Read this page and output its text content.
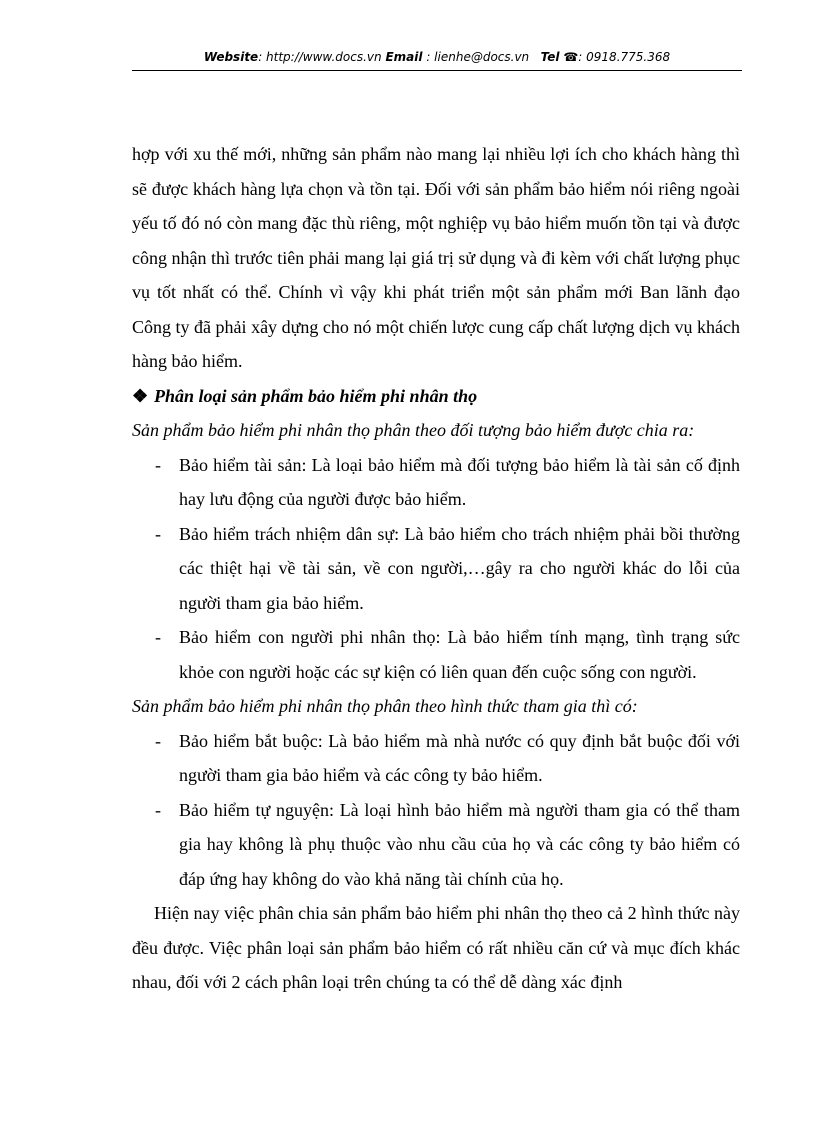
Website: http://www.docs.vn Email : lienhe@docs.vn Tel ☎: 0918.775.368

hợp với xu thế mới, những sản phẩm nào mang lại nhiều lợi ích cho khách hàng thì sẽ được khách hàng lựa chọn và tồn tại. Đối với sản phẩm bảo hiểm nói riêng ngoài yếu tố đó nó còn mang đặc thù riêng, một nghiệp vụ bảo hiểm muốn tồn tại và được công nhận thì trước tiên phải mang lại giá trị sử dụng và đi kèm với chất lượng phục vụ tốt nhất có thể. Chính vì vậy khi phát triển một sản phẩm mới Ban lãnh đạo Công ty đã phải xây dựng cho nó một chiến lược cung cấp chất lượng dịch vụ khách hàng bảo hiểm.

❖ Phân loại sản phẩm bảo hiểm phi nhân thọ

Sản phẩm bảo hiểm phi nhân thọ phân theo đối tượng bảo hiểm được chia ra:

- Bảo hiểm tài sản: Là loại bảo hiểm mà đối tượng bảo hiểm là tài sản cố định hay lưu động của người được bảo hiểm.

- Bảo hiểm trách nhiệm dân sự: Là bảo hiểm cho trách nhiệm phải bồi thường các thiệt hại về tài sản, về con người,…gây ra cho người khác do lỗi của người tham gia bảo hiểm.

- Bảo hiểm con người phi nhân thọ: Là bảo hiểm tính mạng, tình trạng sức khỏe con người hoặc các sự kiện có liên quan đến cuộc sống con người.

Sản phẩm bảo hiểm phi nhân thọ phân theo hình thức tham gia thì có:

- Bảo hiểm bắt buộc: Là bảo hiểm mà nhà nước có quy định bắt buộc đối với người tham gia bảo hiểm và các công ty bảo hiểm.

- Bảo hiểm tự nguyện: Là loại hình bảo hiểm mà người tham gia có thể tham gia hay không là phụ thuộc vào nhu cầu của họ và các công ty bảo hiểm có đáp ứng hay không do vào khả năng tài chính của họ.

Hiện nay việc phân chia sản phẩm bảo hiểm phi nhân thọ theo cả 2 hình thức này đều được. Việc phân loại sản phẩm bảo hiểm có rất nhiều căn cứ và mục đích khác nhau, đối với 2 cách phân loại trên chúng ta có thể dễ dàng xác định
